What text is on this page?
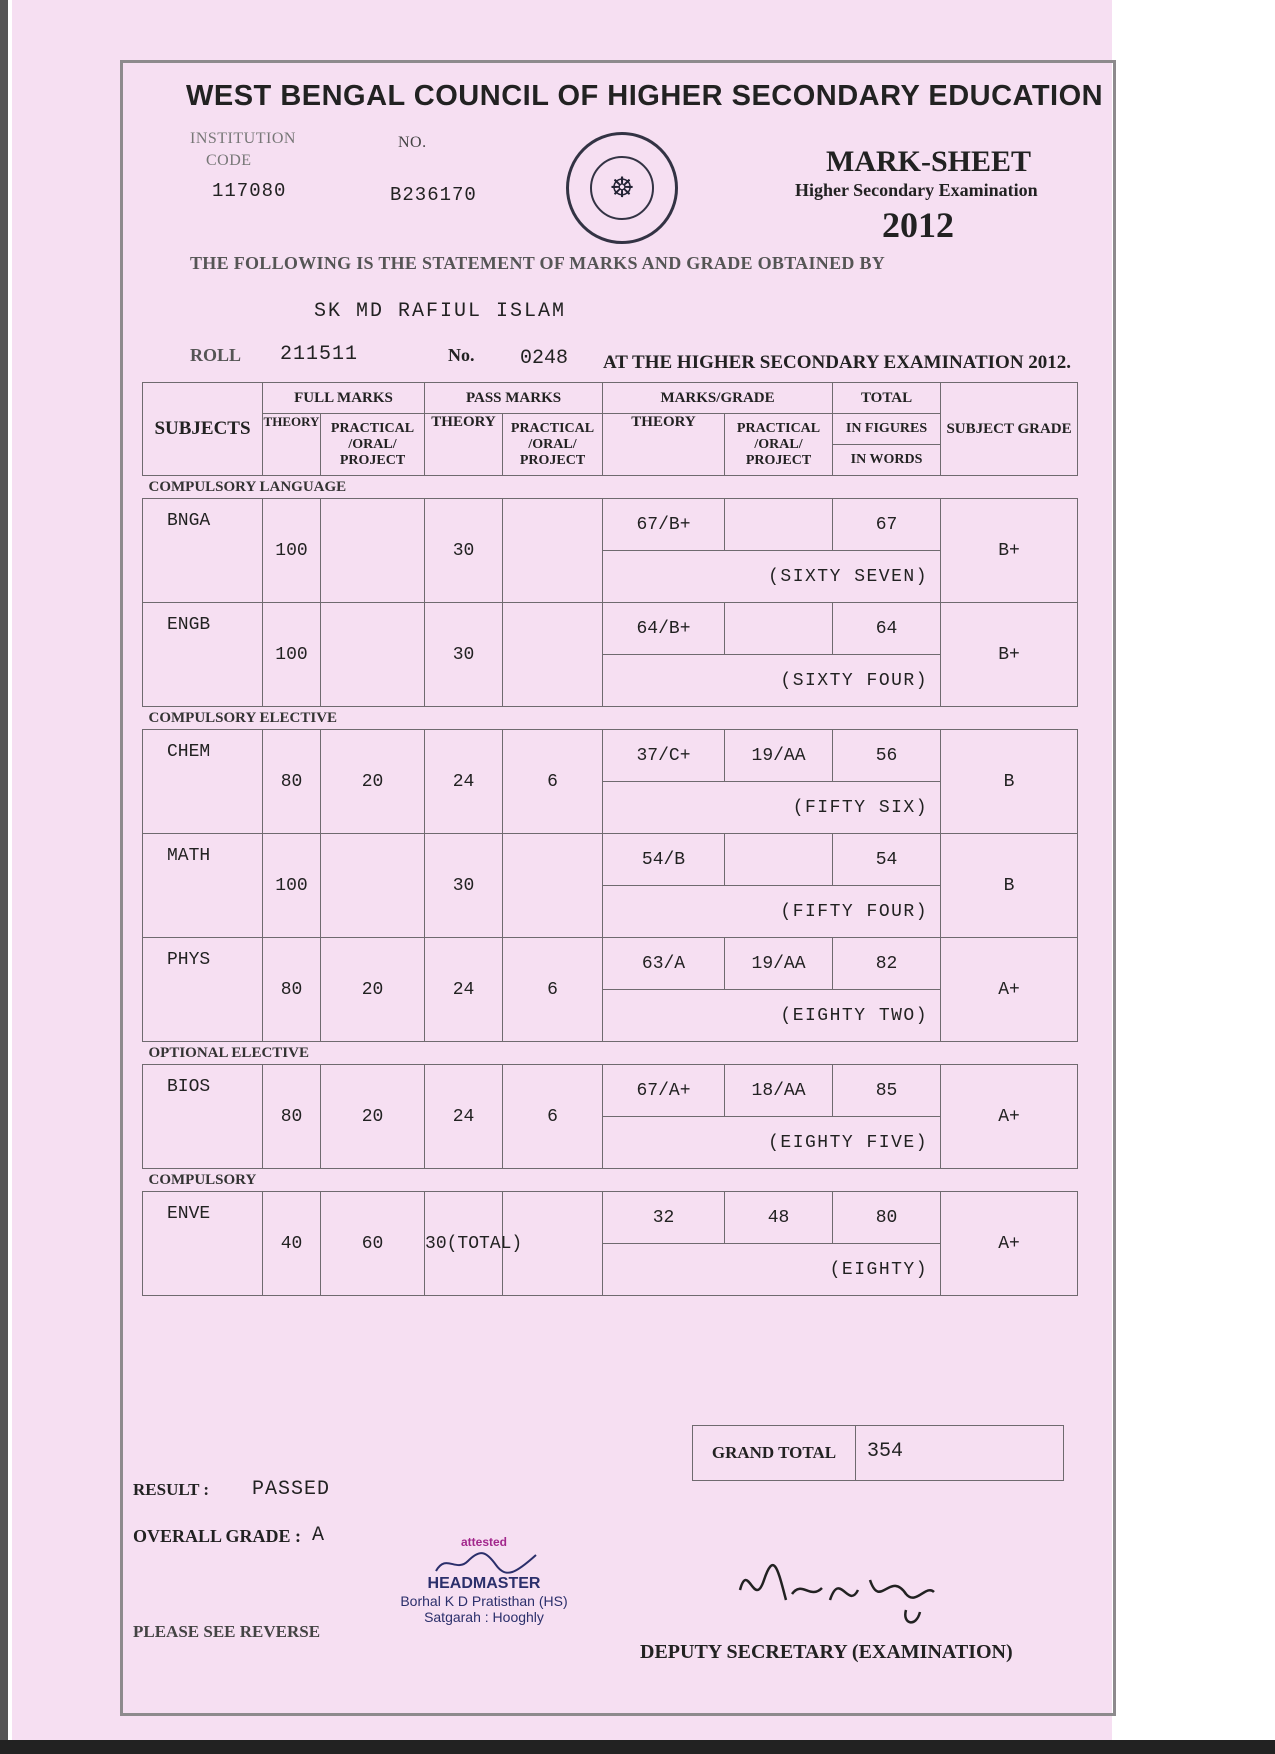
WEST BENGAL COUNCIL OF HIGHER SECONDARY EDUCATION
INSTITUTION
CODE
117080
NO.
B236170	☸
MARK-SHEET
Higher Secondary Examination
2012
THE FOLLOWING IS THE STATEMENT OF MARKS AND GRADE OBTAINED BY
SK MD RAFIUL ISLAM
ROLL 211511	No. 0248 AT THE HIGHER SECONDARY EXAMINATION 2012.
SUBJECTS	FULL MARKS		PASS MARKS		MARKS/GRADE		TOTAL	SUBJECT GRADE
	THEORY	PRACTICAL /ORAL/ PROJECT	THEORY	PRACTICAL /ORAL/ PROJECT	THEORY	PRACTICAL /ORAL/ PROJECT	IN FIGURES	
							IN WORDS	
COMPULSORY LANGUAGE								
BNGA	100		30		67/B+		67	B+
					(SIXTY SEVEN)			
ENGB	100		30		64/B+		64	B+
					(SIXTY FOUR)			
COMPULSORY ELECTIVE								
CHEM	80	20	24	6	37/C+	19/AA	56	B
					(FIFTY SIX)			
MATH	100		30		54/B		54	B
					(FIFTY FOUR)			
PHYS	80	20	24	6	63/A	19/AA	82	A+
					(EIGHTY TWO)			
OPTIONAL ELECTIVE								
BIOS	80	20	24	6	67/A+	18/AA	85	A+
					(EIGHTY FIVE)			
COMPULSORY								
ENVE	40	60	30(TOTAL)		32	48	80	A+
					(EIGHTY)			
GRAND TOTAL	354
RESULT : PASSED
OVERALL GRADE : A	attested
HEADMASTER
Borhal K D Pratisthan (HS)
Satgarah : Hooghly
PLEASE SEE REVERSE
DEPUTY SECRETARY (EXAMINATION)
